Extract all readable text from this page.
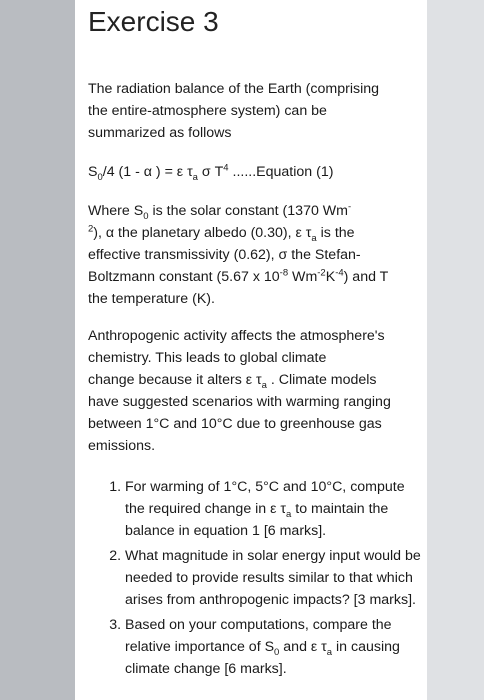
Exercise 3

The radiation balance of the Earth (comprising

the entire-atmosphere system) can be

summarized as follows

$S_0/4$ (1 - α ) = ε $\tau_a$ σ $T^4$ ......Equation (1)

Where $S_0$ is the solar constant (1370 Wm-

$^2$), α the planetary albedo (0.30), ε $\tau_a$ is the

effective transmissivity (0.62), σ the Stefan-

Boltzmann constant (5.67 x $10^{-8}$ $Wm^{-2}K^{-4}$) and T

the temperature (K).

Anthropogenic activity affects the atmosphere's

chemistry. This leads to global climate

change because it alters ε $\tau_a$ . Climate models

have suggested scenarios with warming ranging

between 1°C and 10°C due to greenhouse gas

emissions.

1. For warming of 1°C, 5°C and 10°C, compute the required change in ε $\tau_a$ to maintain the balance in equation 1 [6 marks].
2. What magnitude in solar energy input would be needed to provide results similar to that which arises from anthropogenic impacts? [3 marks].
3. Based on your computations, compare the relative importance of $S_0$ and ε $\tau_a$ in causing climate change [6 marks].
